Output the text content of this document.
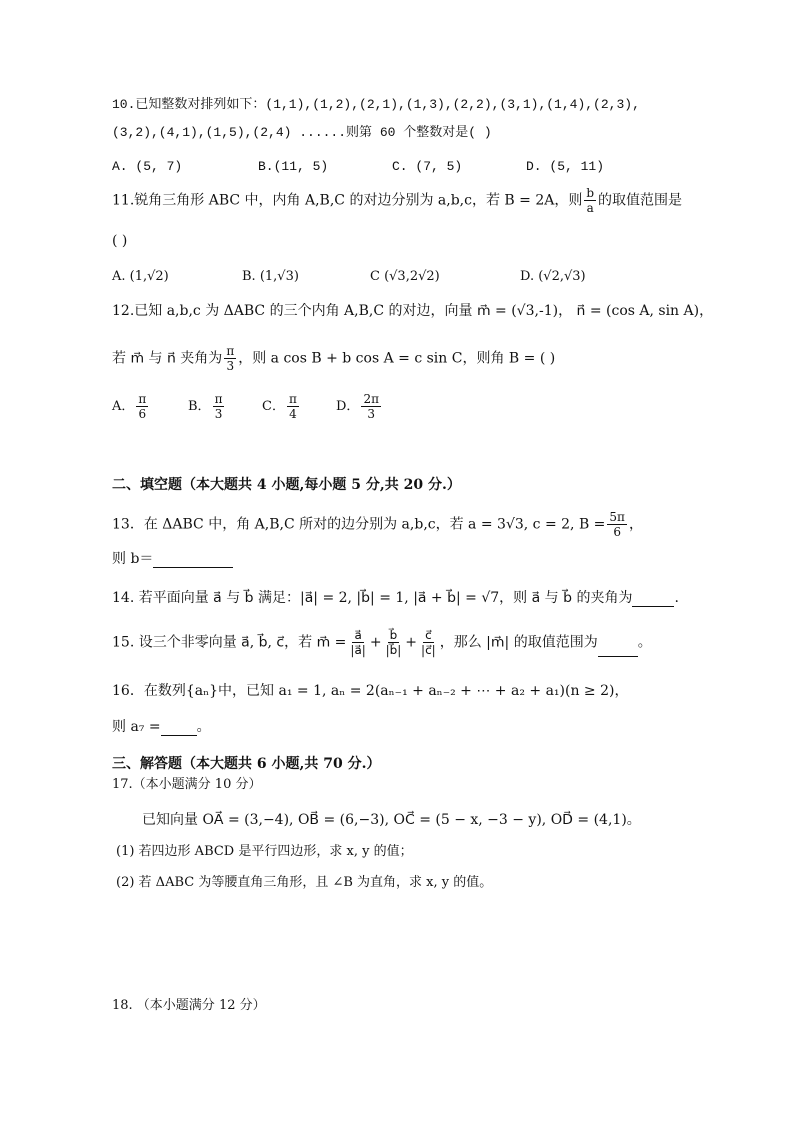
10.已知整数对排列如下：(1,1),(1,2),(2,1),(1,3),(2,2),(3,1),(1,4),(2,3),
(3,2),(4,1),(1,5),(2,4) ......则第 60 个整数对是( )
A. (5, 7)	B.(11, 5)	C. (7, 5)	D. (5, 11)
11.锐角三角形 ABC 中，内角 A,B,C 的对边分别为 a,b,c，若 B = 2A，则 $\frac{b}{a}$ 的取值范围是
( )
A. (1,√2)	B. (1,√3)	C (√3,2√2)	D. (√2,√3)
12.已知 a,b,c 为 ΔABC 的三个内角 A,B,C 的对边，向量 m⃗ = (√3,-1)， n⃗ = (cos A, sin A)，
若 m⃗ 与 n⃗ 夹角为 $\frac{\pi}{3}$ ，则 a cos B + b cos A = c sin C，则角 B = ( )
A． $\frac{\pi}{6}$	B． $\frac{\pi}{3}$	C． $\frac{\pi}{4}$	D． $\frac{2\pi}{3}$
二、填空题（本大题共 4 小题,每小题 5 分,共 20 分.）
13．在 ΔABC 中，角 A,B,C 所对的边分别为 a,b,c，若 a = 3√3, c = 2, $B = \frac{5\pi}{6}$ ，
则 b＝
14. 若平面向量 a⃗ 与 b⃗ 满足：|a⃗| = 2, |b⃗| = 1, |a⃗ + b⃗| = √7，则 a⃗ 与 b⃗ 的夹角为	.
15. 设三个非零向量 a⃗, b⃗, c⃗，若 m⃗ = $\frac{a⃗}{|a⃗|} + \frac{b⃗}{|b⃗|} + \frac{c⃗}{|c⃗|}$ ，那么 |m⃗| 的取值范围为	。
16．在数列{aₙ}中，已知 a₁ = 1, aₙ = 2(aₙ₋₁ + aₙ₋₂ + ⋯ + a₂ + a₁)(n ≥ 2)，
则 a₇ =	。
三、解答题（本大题共 6 小题,共 70 分.）
17.（本小题满分 10 分）
已知向量 OA⃗ = (3,−4), OB⃗ = (6,−3), OC⃗ = (5 − x, −3 − y), OD⃗ = (4,1)。
(1) 若四边形 ABCD 是平行四边形，求 x, y 的值；
(2) 若 ΔABC 为等腰直角三角形，且 ∠B 为直角，求 x, y 的值。
18. （本小题满分 12 分）
